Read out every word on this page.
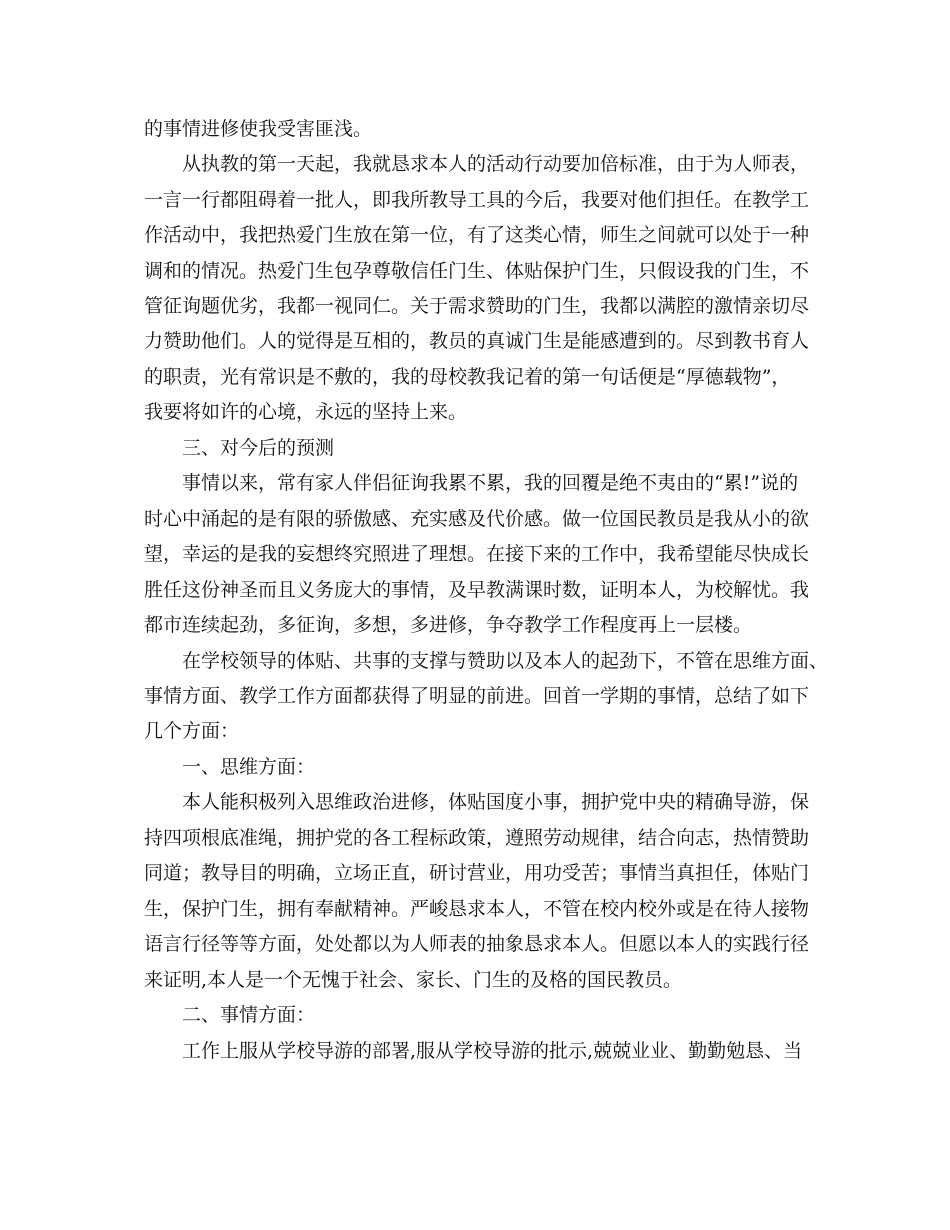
的事情进修使我受害匪浅。

从执教的第一天起，我就恳求本人的活动行动要加倍标准，由于为人师表，

一言一行都阻碍着一批人，即我所教导工具的今后，我要对他们担任。在教学工

作活动中，我把热爱门生放在第一位，有了这类心情，师生之间就可以处于一种

调和的情况。热爱门生包孕尊敬信任门生、体贴保护门生，只假设我的门生，不

管征询题优劣，我都一视同仁。关于需求赞助的门生，我都以满腔的激情亲切尽

力赞助他们。人的觉得是互相的，教员的真诚门生是能感遭到的。尽到教书育人

的职责，光有常识是不敷的，我的母校教我记着的第一句话便是“厚德载物”，

我要将如许的心境，永远的坚持上来。

三、对今后的预测

事情以来，常有家人伴侣征询我累不累，我的回覆是绝不夷由的“累!”说的

时心中涌起的是有限的骄傲感、充实感及代价感。做一位国民教员是我从小的欲

望，幸运的是我的妄想终究照进了理想。在接下来的工作中，我希望能尽快成长

胜任这份神圣而且义务庞大的事情，及早教满课时数，证明本人，为校解忧。我

都市连续起劲，多征询，多想，多进修，争夺教学工作程度再上一层楼。

在学校领导的体贴、共事的支撑与赞助以及本人的起劲下，不管在思维方面、

事情方面、教学工作方面都获得了明显的前进。回首一学期的事情，总结了如下

几个方面：

一、思维方面：

本人能积极列入思维政治进修，体贴国度小事，拥护党中央的精确导游，保

持四项根底准绳，拥护党的各工程标政策，遵照劳动规律，结合向志，热情赞助

同道；教导目的明确，立场正直，研讨营业，用功受苦；事情当真担任，体贴门

生，保护门生，拥有奉献精神。严峻恳求本人，不管在校内校外或是在待人接物

语言行径等等方面，处处都以为人师表的抽象恳求本人。但愿以本人的实践行径

来证明,本人是一个无愧于社会、家长、门生的及格的国民教员。

二、事情方面：

工作上服从学校导游的部署,服从学校导游的批示,兢兢业业、勤勤勉恳、当
